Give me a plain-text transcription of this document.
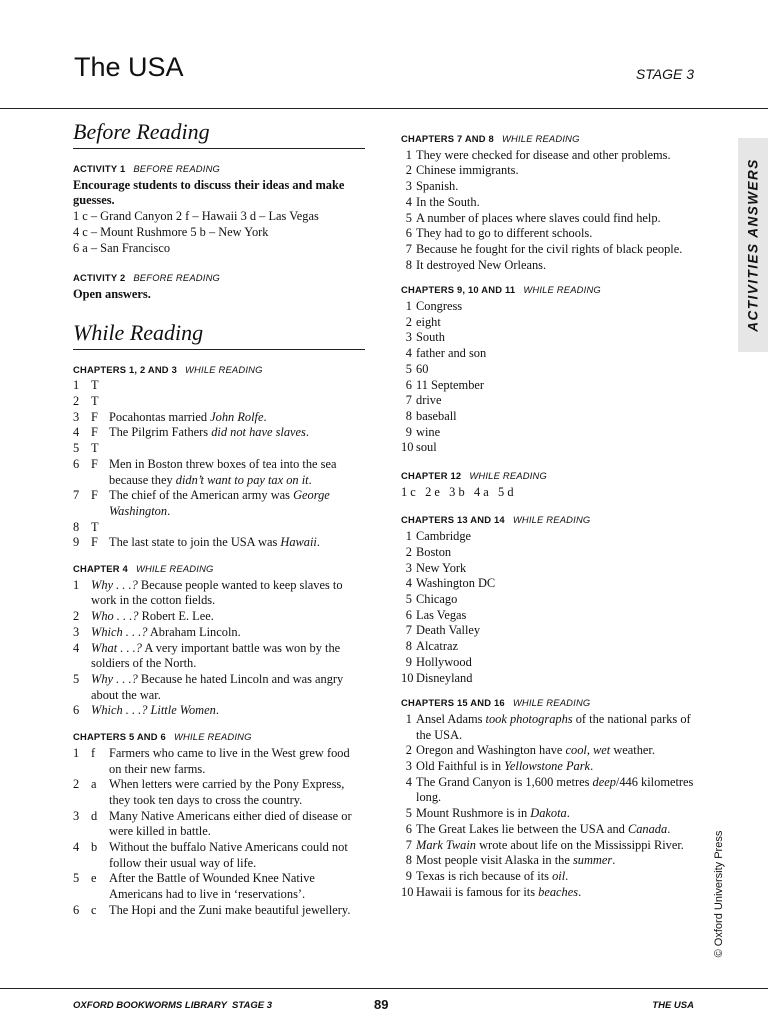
The USA	STAGE 3
Before Reading
ACTIVITY 1 BEFORE READING
Encourage students to discuss their ideas and make guesses.
1 c – Grand Canyon 2 f – Hawaii 3 d – Las Vegas
4 c – Mount Rushmore 5 b – New York
6 a – San Francisco
ACTIVITY 2 BEFORE READING
Open answers.
While Reading
CHAPTERS 1, 2 AND 3 WHILE READING
1 T
2 T
3 F Pocahontas married John Rolfe.
4 F The Pilgrim Fathers did not have slaves.
5 T
6 F Men in Boston threw boxes of tea into the sea because they didn’t want to pay tax on it.
7 F The chief of the American army was George Washington.
8 T
9 F The last state to join the USA was Hawaii.
CHAPTER 4 WHILE READING
1 Why . . .? Because people wanted to keep slaves to work in the cotton fields.
2 Who . . .? Robert E. Lee.
3 Which . . .? Abraham Lincoln.
4 What . . .? A very important battle was won by the soldiers of the North.
5 Why . . .? Because he hated Lincoln and was angry about the war.
6 Which . . .? Little Women.
CHAPTERS 5 AND 6 WHILE READING
1 f	Farmers who came to live in the West grew food on their new farms.
2 a	When letters were carried by the Pony Express, they took ten days to cross the country.
3 d Many Native Americans either died of disease or were killed in battle.
4 b Without the buffalo Native Americans could not follow their usual way of life.
5 e	After the Battle of Wounded Knee Native Americans had to live in ‘reservations’.
6 c	The Hopi and the Zuni make beautiful jewellery.
CHAPTERS 7 AND 8 WHILE READING
1 They were checked for disease and other problems.
2 Chinese immigrants.
3 Spanish.
4 In the South.
5 A number of places where slaves could find help.
6 They had to go to different schools.
7 Because he fought for the civil rights of black people.
8 It destroyed New Orleans.
CHAPTERS 9, 10 AND 11 WHILE READING
1 Congress
2 eight
3 South
4 father and son
5 60
6 11 September
7 drive
8 baseball
9 wine
10 soul
CHAPTER 12 WHILE READING
1 c   2 e   3 b   4 a   5 d
CHAPTERS 13 AND 14 WHILE READING
1 Cambridge
2 Boston
3 New York
4 Washington DC
5 Chicago
6 Las Vegas
7 Death Valley
8 Alcatraz
9 Hollywood
10 Disneyland
CHAPTERS 15 AND 16 WHILE READING
1 Ansel Adams took photographs of the national parks of the USA.
2 Oregon and Washington have cool, wet weather.
3 Old Faithful is in Yellowstone Park.
4 The Grand Canyon is 1,600 metres deep/446 kilometres long.
5 Mount Rushmore is in Dakota.
6 The Great Lakes lie between the USA and Canada.
7 Mark Twain wrote about life on the Mississippi River.
8 Most people visit Alaska in the summer.
9 Texas is rich because of its oil.
10 Hawaii is famous for its beaches.
ACTIVITIES ANSWERS
© Oxford University Press
OXFORD BOOKWORMS LIBRARY  STAGE 3	89	THE USA
